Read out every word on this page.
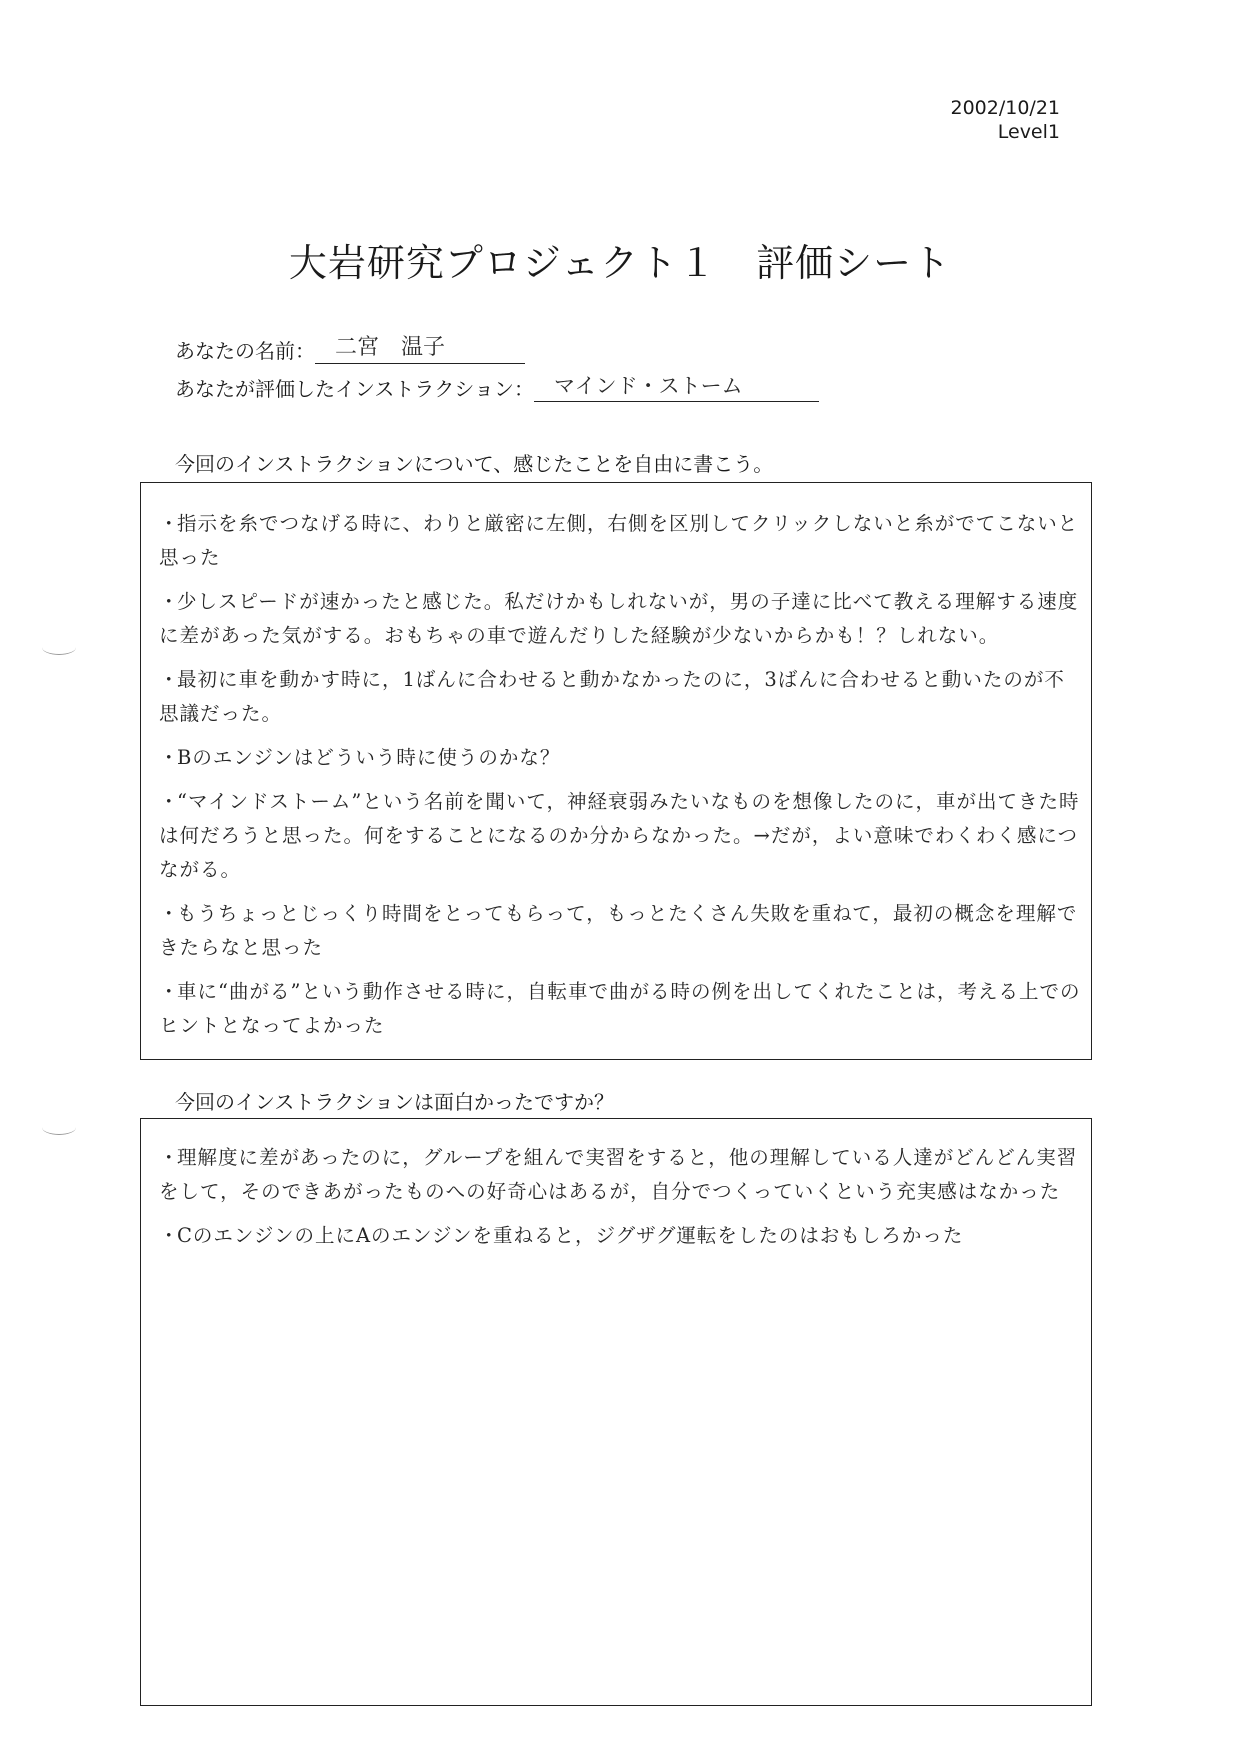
2002/10/21
Level1
大岩研究プロジェクト１　評価シート
あなたの名前： 二宮　温子
あなたが評価したインストラクション： マインド・ストーム
今回のインストラクションについて、感じたことを自由に書こう。
・指示を糸でつなげる時に、わりと厳密に左側，右側を区別してクリックしないと糸がでてこないと思った
・少しスピードが速かったと感じた。私だけかもしれないが，男の子達に比べて教える理解する速度に差があった気がする。おもちゃの車で遊んだりした経験が少ないからかも！？しれない。
・最初に車を動かす時に，1ばんに合わせると動かなかったのに，3ばんに合わせると動いたのが不思議だった。
・Bのエンジンはどういう時に使うのかな？
・“マインドストーム”という名前を聞いて，神経衰弱みたいなものを想像したのに，車が出てきた時は何だろうと思った。何をすることになるのか分からなかった。→だが，よい意味でわくわく感につながる。
・もうちょっとじっくり時間をとってもらって，もっとたくさん失敗を重ねて，最初の概念を理解できたらなと思った
・車に“曲がる”という動作させる時に，自転車で曲がる時の例を出してくれたことは，考える上でのヒントとなってよかった
今回のインストラクションは面白かったですか？
・理解度に差があったのに，グループを組んで実習をすると，他の理解している人達がどんどん実習をして，そのできあがったものへの好奇心はあるが，自分でつくっていくという充実感はなかった
・Cのエンジンの上にAのエンジンを重ねると，ジグザグ運転をしたのはおもしろかった
